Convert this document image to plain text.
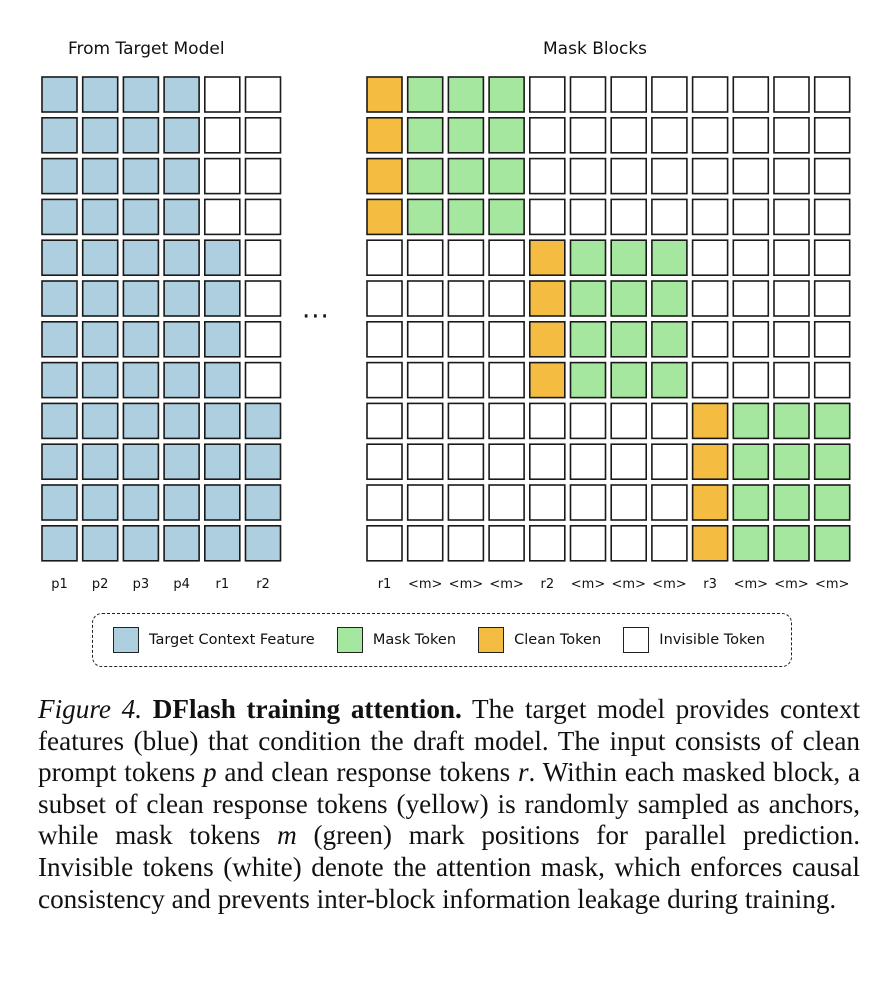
From Target Model	Mask Blocks
p1 p2 p3 p4 r1 r2	r1 <m> <m> <m> r2 <m> <m> <m> r3 <m> <m> <m>
···
Target Context Feature	Mask Token	Clean Token	Invisible Token
Figure 4. DFlash training attention. The target model provides context features (blue) that condition the draft model. The input consists of clean prompt tokens p and clean response tokens r. Within each masked block, a subset of clean response tokens (yellow) is randomly sampled as anchors, while mask tokens m (green) mark positions for parallel prediction. Invisible tokens (white) denote the attention mask, which enforces causal consistency and prevents inter-block information leakage during training.
